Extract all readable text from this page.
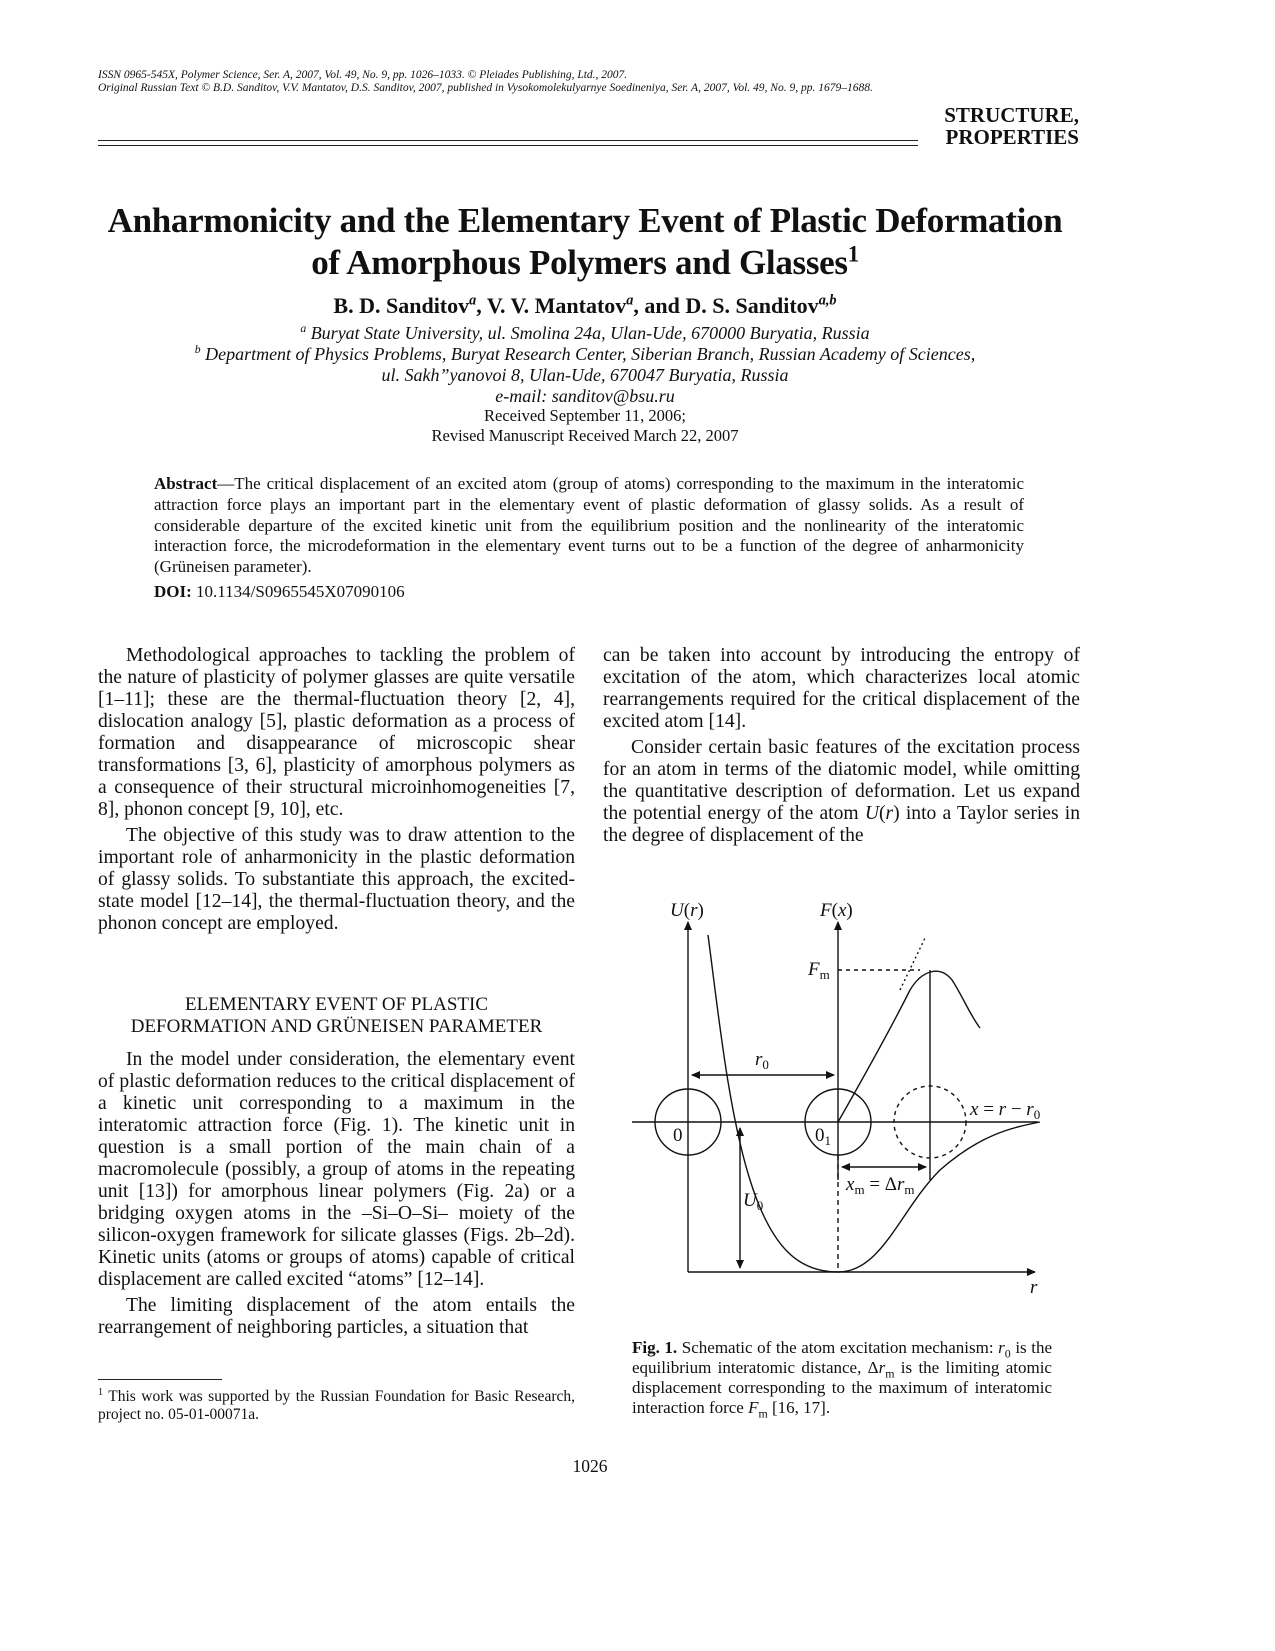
ISSN 0965-545X, Polymer Science, Ser. A, 2007, Vol. 49, No. 9, pp. 1026–1033. © Pleiades Publishing, Ltd., 2007.
Original Russian Text © B.D. Sanditov, V.V. Mantatov, D.S. Sanditov, 2007, published in Vysokomolekulyarnye Soedineniya, Ser. A, 2007, Vol. 49, No. 9, pp. 1679–1688.
STRUCTURE,
PROPERTIES
Anharmonicity and the Elementary Event of Plastic Deformation
of Amorphous Polymers and Glasses$^1$
B. D. Sanditov$^a$, V. V. Mantatov$^a$, and D. S. Sanditov$^{a,b}$
$^a$ Buryat State University, ul. Smolina 24a, Ulan-Ude, 670000 Buryatia, Russia
$^b$ Department of Physics Problems, Buryat Research Center, Siberian Branch, Russian Academy of Sciences,
ul. Sakh”yanovoi 8, Ulan-Ude, 670047 Buryatia, Russia
e-mail: sanditov@bsu.ru
Received September 11, 2006;
Revised Manuscript Received March 22, 2007
Abstract—The critical displacement of an excited atom (group of atoms) corresponding to the maximum in the interatomic attraction force plays an important part in the elementary event of plastic deformation of glassy solids. As a result of considerable departure of the excited kinetic unit from the equilibrium position and the nonlinearity of the interatomic interaction force, the microdeformation in the elementary event turns out to be a function of the degree of anharmonicity (Grüneisen parameter).
DOI: 10.1134/S0965545X07090106

Methodological approaches to tackling the problem of the nature of plasticity of polymer glasses are quite versatile [1–11]; these are the thermal-fluctuation theory [2, 4], dislocation analogy [5], plastic deformation as a process of formation and disappearance of microscopic shear transformations [3, 6], plasticity of amorphous polymers as a consequence of their structural microinhomogeneities [7, 8], phonon concept [9, 10], etc.

The objective of this study was to draw attention to the important role of anharmonicity in the plastic deformation of glassy solids. To substantiate this approach, the excited-state model [12–14], the thermal-fluctuation theory, and the phonon concept are employed.

ELEMENTARY EVENT OF PLASTIC
DEFORMATION AND GRÜNEISEN PARAMETER

In the model under consideration, the elementary event of plastic deformation reduces to the critical displacement of a kinetic unit corresponding to a maximum in the interatomic attraction force (Fig. 1). The kinetic unit in question is a small portion of the main chain of a macromolecule (possibly, a group of atoms in the repeating unit [13]) for amorphous linear polymers (Fig. 2a) or a bridging oxygen atoms in the –Si–O–Si– moiety of the silicon-oxygen framework for silicate glasses (Figs. 2b–2d). Kinetic units (atoms or groups of atoms) capable of critical displacement are called excited “atoms” [12–14].

The limiting displacement of the atom entails the rearrangement of neighboring particles, a situation that

$^1$ This work was supported by the Russian Foundation for Basic Research, project no. 05-01-00071a.

can be taken into account by introducing the entropy of excitation of the atom, which characterizes local atomic rearrangements required for the critical displacement of the excited atom [14].

Consider certain basic features of the excitation process for an atom in terms of the diatomic model, while omitting the quantitative description of deformation. Let us expand the potential energy of the atom U(r) into a Taylor series in the degree of displacement of the

U(r)	F(x)
$F_m$
$r_0$
0	$0_1$
$x = r - r_0$
$x_m = \Delta r_m$
$U_0$
r
Fig. 1. Schematic of the atom excitation mechanism: $r_0$ is the equilibrium interatomic distance, $\Delta r_m$ is the limiting atomic displacement corresponding to the maximum of interatomic interaction force $F_m$ [16, 17].
1026
